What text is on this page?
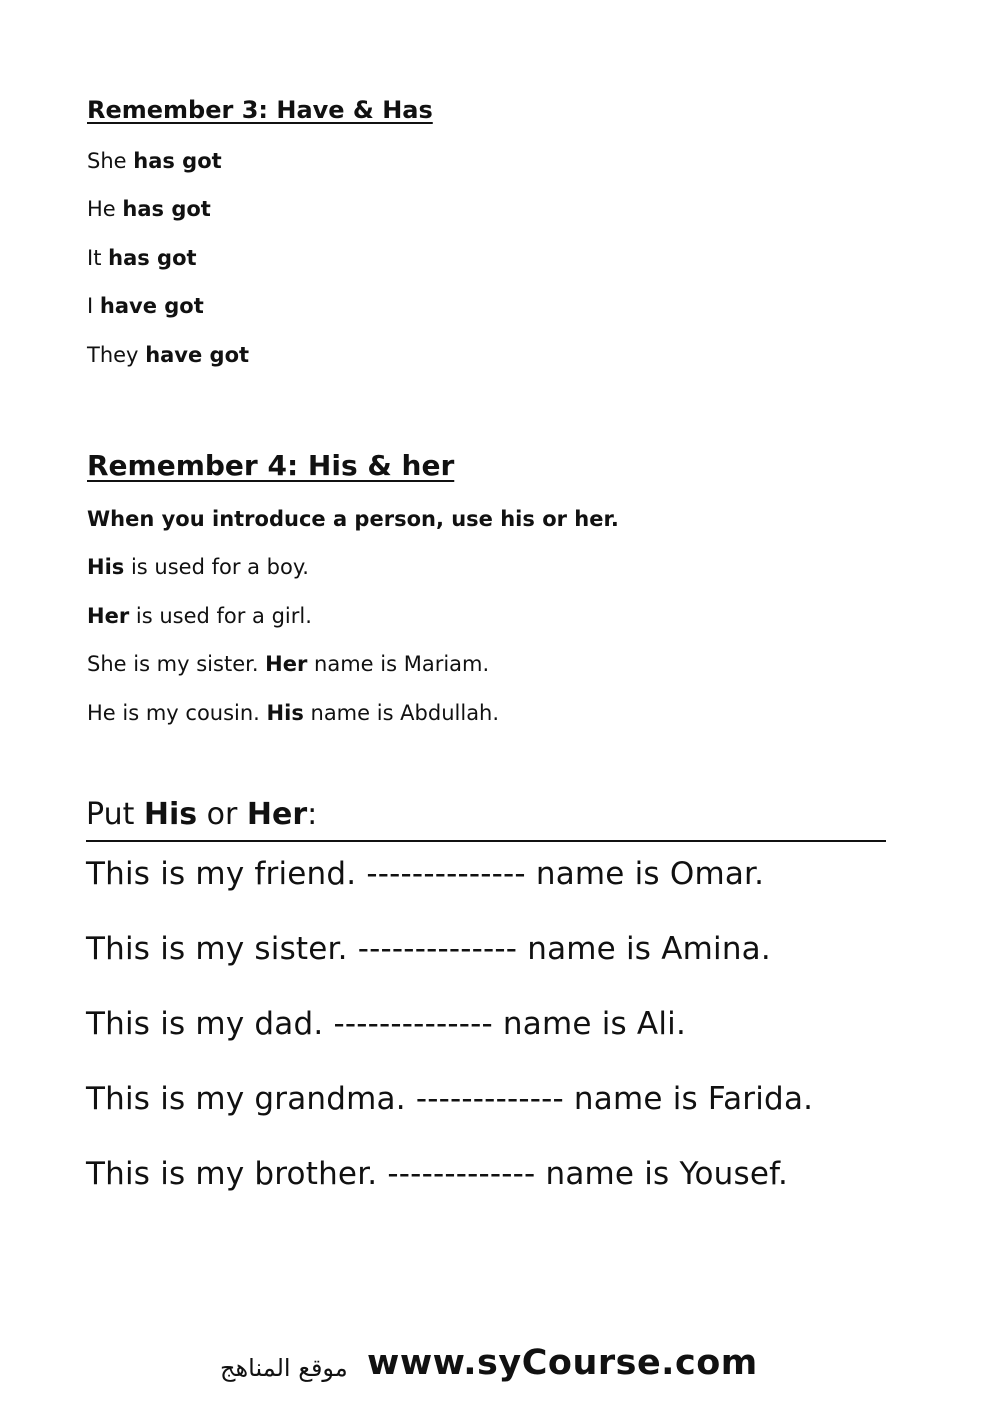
Remember 3: Have & Has
She has got
He has got
It has got
I have got
They have got
Remember 4: His & her
When you introduce a person, use his or her.
His is used for a boy.
Her is used for a girl.
She is my sister. Her name is Mariam.
He is my cousin. His name is Abdullah.
Put His or Her:
This is my friend. -------------- name is Omar.
This is my sister. -------------- name is Amina.
This is my dad. -------------- name is Ali.
This is my grandma. ------------- name is Farida.
This is my brother. ------------- name is Yousef.
موقع المناهج www.syCourse.com
